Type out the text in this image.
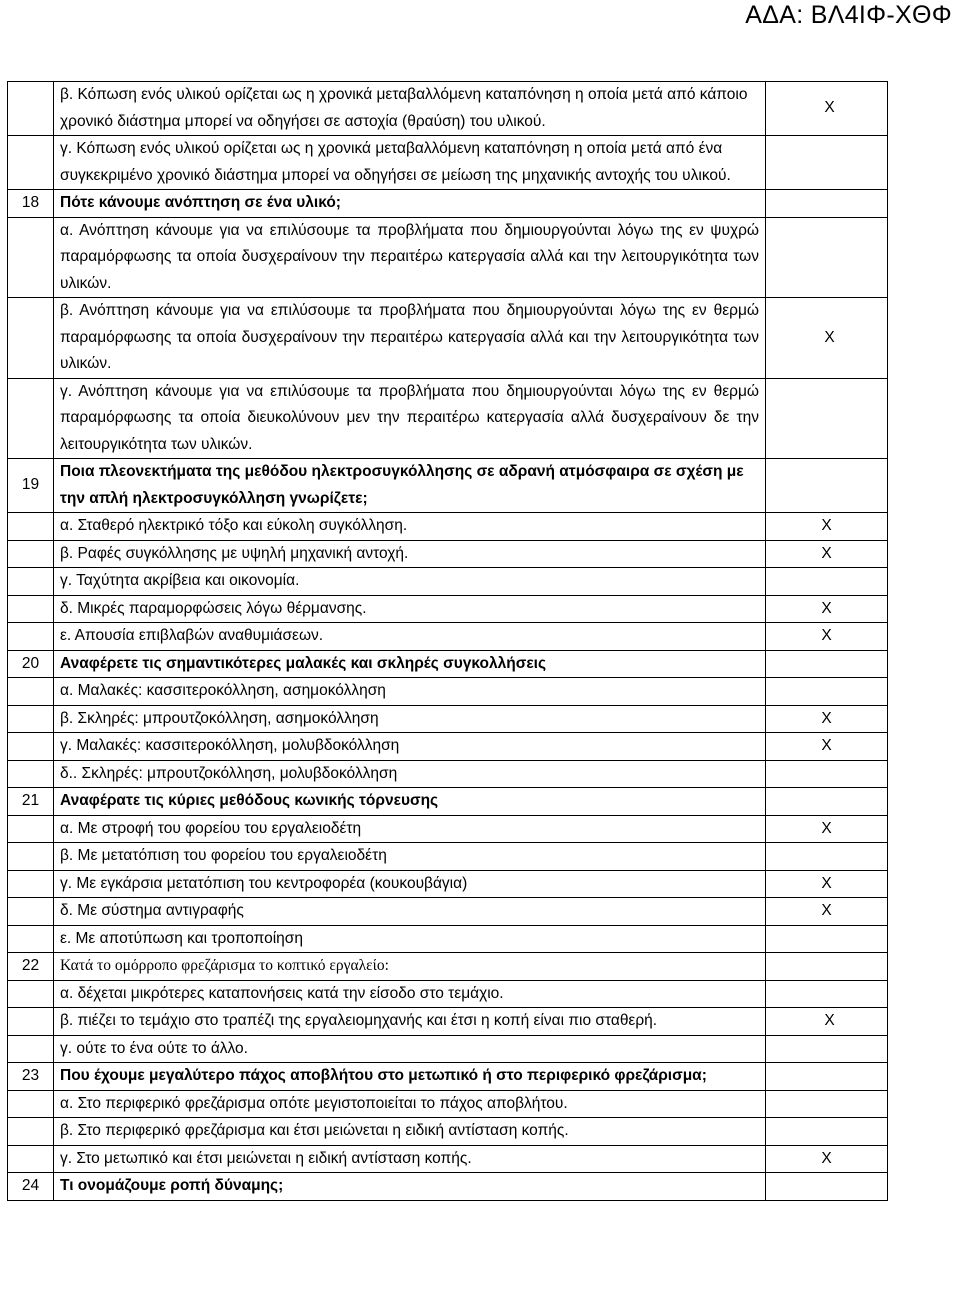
ΑΔΑ: ΒΛ4ΙΦ-ΧΘΦ
	β. Κόπωση ενός υλικού ορίζεται ως η χρονικά μεταβαλλόμενη καταπόνηση η οποία μετά από κάποιο χρονικό διάστημα μπορεί να οδηγήσει σε αστοχία (θραύση) του υλικού.	Χ
	γ. Κόπωση ενός υλικού ορίζεται ως η χρονικά μεταβαλλόμενη καταπόνηση η οποία μετά από ένα συγκεκριμένο χρονικό διάστημα μπορεί να οδηγήσει σε μείωση της μηχανικής αντοχής του υλικού.	
18	Πότε κάνουμε ανόπτηση σε ένα υλικό;	
	α. Ανόπτηση κάνουμε για να επιλύσουμε τα προβλήματα που δημιουργούνται λόγω της εν ψυχρώ παραμόρφωσης τα οποία δυσχεραίνουν την περαιτέρω κατεργασία αλλά και την λειτουργικότητα των υλικών.	
	β. Ανόπτηση κάνουμε για να επιλύσουμε τα προβλήματα που δημιουργούνται λόγω της εν θερμώ παραμόρφωσης τα οποία δυσχεραίνουν την περαιτέρω κατεργασία αλλά και την λειτουργικότητα των υλικών.	Χ
	γ. Ανόπτηση κάνουμε για να επιλύσουμε τα προβλήματα που δημιουργούνται λόγω της εν θερμώ παραμόρφωσης τα οποία διευκολύνουν μεν την περαιτέρω κατεργασία αλλά δυσχεραίνουν δε την λειτουργικότητα των υλικών.	
19	Ποια πλεονεκτήματα της μεθόδου ηλεκτροσυγκόλλησης σε αδρανή ατμόσφαιρα σε σχέση με την απλή ηλεκτροσυγκόλληση γνωρίζετε;	
	α. Σταθερό ηλεκτρικό τόξο και εύκολη συγκόλληση.	Χ
	β. Ραφές συγκόλλησης με υψηλή μηχανική αντοχή.	Χ
	γ. Ταχύτητα ακρίβεια και οικονομία.	
	δ. Μικρές παραμορφώσεις λόγω θέρμανσης.	Χ
	ε. Απουσία επιβλαβών αναθυμιάσεων.	Χ
20	Αναφέρετε τις σημαντικότερες μαλακές και σκληρές συγκολλήσεις	
	α. Μαλακές: κασσιτεροκόλληση, ασημοκόλληση	
	β. Σκληρές: μπρουτζοκόλληση, ασημοκόλληση	Χ
	γ. Μαλακές: κασσιτεροκόλληση, μολυβδοκόλληση	Χ
	δ.. Σκληρές: μπρουτζοκόλληση, μολυβδοκόλληση	
21	Αναφέρατε τις κύριες μεθόδους κωνικής τόρνευσης	
	α. Με στροφή του φορείου του εργαλειοδέτη	Χ
	β. Με μετατόπιση του φορείου του εργαλειοδέτη	
	γ. Με εγκάρσια μετατόπιση του κεντροφορέα (κουκουβάγια)	Χ
	δ. Με σύστημα αντιγραφής	Χ
	ε. Με αποτύπωση και τροποποίηση	
22	Κατά το ομόρροπο φρεζάρισμα το κοπτικό εργαλείο:	
	α. δέχεται μικρότερες καταπονήσεις κατά την είσοδο στο τεμάχιο.	
	β. πιέζει το τεμάχιο στο τραπέζι της εργαλειομηχανής και έτσι η κοπή είναι πιο σταθερή.	Χ
	γ. ούτε το ένα ούτε το άλλο.	
23	Που έχουμε μεγαλύτερο πάχος αποβλήτου στο μετωπικό ή στο περιφερικό φρεζάρισμα;	
	α. Στο περιφερικό φρεζάρισμα οπότε μεγιστοποιείται το πάχος αποβλήτου.	
	β. Στο περιφερικό φρεζάρισμα και έτσι μειώνεται η ειδική αντίσταση κοπής.	
	γ. Στο μετωπικό και έτσι μειώνεται η ειδική αντίσταση κοπής.	Χ
24	Τι ονομάζουμε ροπή δύναμης;	
